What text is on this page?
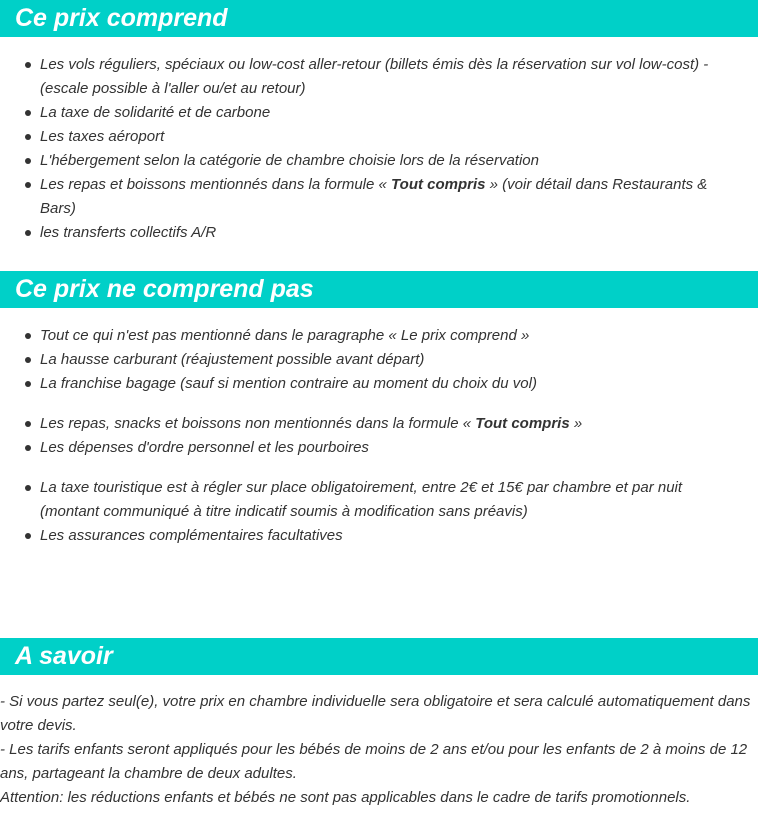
Ce prix comprend
Les vols réguliers, spéciaux ou low-cost aller-retour (billets émis dès la réservation sur vol low-cost) - (escale possible à l'aller ou/et au retour)
La taxe de solidarité et de carbone
Les taxes aéroport
L'hébergement selon la catégorie de chambre choisie lors de la réservation
Les repas et boissons mentionnés dans la formule « Tout compris » (voir détail dans Restaurants & Bars)
les transferts collectifs A/R
Ce prix ne comprend pas
Tout ce qui n'est pas mentionné dans le paragraphe « Le prix comprend »
La hausse carburant (réajustement possible avant départ)
La franchise bagage (sauf si mention contraire au moment du choix du vol)
Les repas, snacks et boissons non mentionnés dans la formule « Tout compris »
Les dépenses d'ordre personnel et les pourboires
La taxe touristique est à régler sur place obligatoirement, entre 2€ et 15€ par chambre et par nuit (montant communiqué à titre indicatif soumis à modification sans préavis)
Les assurances complémentaires facultatives
A savoir

- Si vous partez seul(e), votre prix en chambre individuelle sera obligatoire et sera calculé automatiquement dans votre devis.

- Les tarifs enfants seront appliqués pour les bébés de moins de 2 ans et/ou pour les enfants de 2 à moins de 12 ans, partageant la chambre de deux adultes.

Attention: les réductions enfants et bébés ne sont pas applicables dans le cadre de tarifs promotionnels.
